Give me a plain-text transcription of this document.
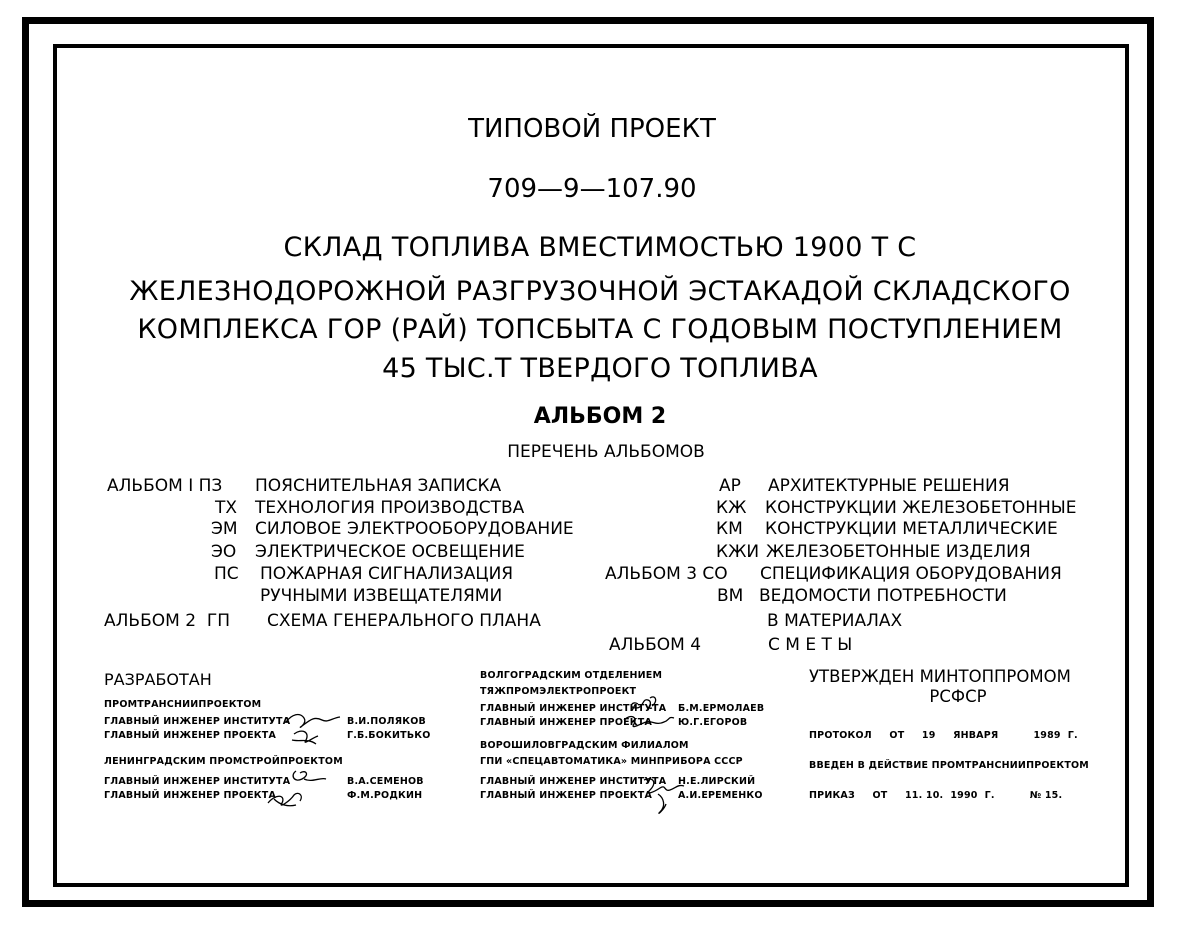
ТИПОВОЙ ПРОЕКТ
709—9—107.90
СКЛАД ТОПЛИВА ВМЕСТИМОСТЬЮ 1900 Т С
ЖЕЛЕЗНОДОРОЖНОЙ РАЗГРУЗОЧНОЙ ЭСТАКАДОЙ СКЛАДСКОГО
КОМПЛЕКСА ГОР (РАЙ) ТОПСБЫТА С ГОДОВЫМ ПОСТУПЛЕНИЕМ
45 ТЫС.Т ТВЕРДОГО ТОПЛИВА
АЛЬБОМ 2
ПЕРЕЧЕНЬ АЛЬБОМОВ
АЛЬБОМ I ПЗ ПОЯСНИТЕЛЬНАЯ ЗАПИСКА
ТХ ТЕХНОЛОГИЯ ПРОИЗВОДСТВА
ЭМ СИЛОВОЕ ЭЛЕКТРООБОРУДОВАНИЕ
ЭО ЭЛЕКТРИЧЕСКОЕ ОСВЕЩЕНИЕ
ПС ПОЖАРНАЯ СИГНАЛИЗАЦИЯ
РУЧНЫМИ ИЗВЕЩАТЕЛЯМИ
АЛЬБОМ 2 ГП СХЕМА ГЕНЕРАЛЬНОГО ПЛАНА
АР АРХИТЕКТУРНЫЕ РЕШЕНИЯ
КЖ КОНСТРУКЦИИ ЖЕЛЕЗОБЕТОННЫЕ
КМ КОНСТРУКЦИИ МЕТАЛЛИЧЕСКИЕ
КЖИ ЖЕЛЕЗОБЕТОННЫЕ ИЗДЕЛИЯ
АЛЬБОМ 3 СО СПЕЦИФИКАЦИЯ ОБОРУДОВАНИЯ
ВМ ВЕДОМОСТИ ПОТРЕБНОСТИ
В МАТЕРИАЛАХ
АЛЬБОМ 4	С М Е Т Ы
РАЗРАБОТАН
ПРОМТРАНСНИИПРОЕКТОМ
ГЛАВНЫЙ ИНЖЕНЕР ИНСТИТУТА	В.И.ПОЛЯКОВ
ГЛАВНЫЙ ИНЖЕНЕР ПРОЕКТА	Г.Б.БОКИТЬКО
ЛЕНИНГРАДСКИМ ПРОМСТРОЙПРОЕКТОМ
ГЛАВНЫЙ ИНЖЕНЕР ИНСТИТУТА	В.А.СЕМЕНОВ
ГЛАВНЫЙ ИНЖЕНЕР ПРОЕКТА	Ф.М.РОДКИН
ВОЛГОГРАДСКИМ ОТДЕЛЕНИЕМ
ТЯЖПРОМЭЛЕКТРОПРОЕКТ
ГЛАВНЫЙ ИНЖЕНЕР ИНСТИТУТА Б.М.ЕРМОЛАЕВ
ГЛАВНЫЙ ИНЖЕНЕР ПРОЕКТА	Ю.Г.ЕГОРОВ
ВОРОШИЛОВГРАДСКИМ ФИЛИАЛОМ
ГПИ «СПЕЦАВТОМАТИКА» МИНПРИБОРА СССР
ГЛАВНЫЙ ИНЖЕНЕР ИНСТИТУТА Н.Е.ЛИРСКИЙ
ГЛАВНЫЙ ИНЖЕНЕР ПРОЕКТА	А.И.ЕРЕМЕНКО
УТВЕРЖДЕН МИНТОППРОМОМ
РСФСР
ПРОТОКОЛ     ОТ     19     ЯНВАРЯ          1989  Г.
ВВЕДЕН В ДЕЙСТВИЕ ПРОМТРАНСНИИПРОЕКТОМ
ПРИКАЗ     ОТ     11. 10.  1990  Г.          № 15.
